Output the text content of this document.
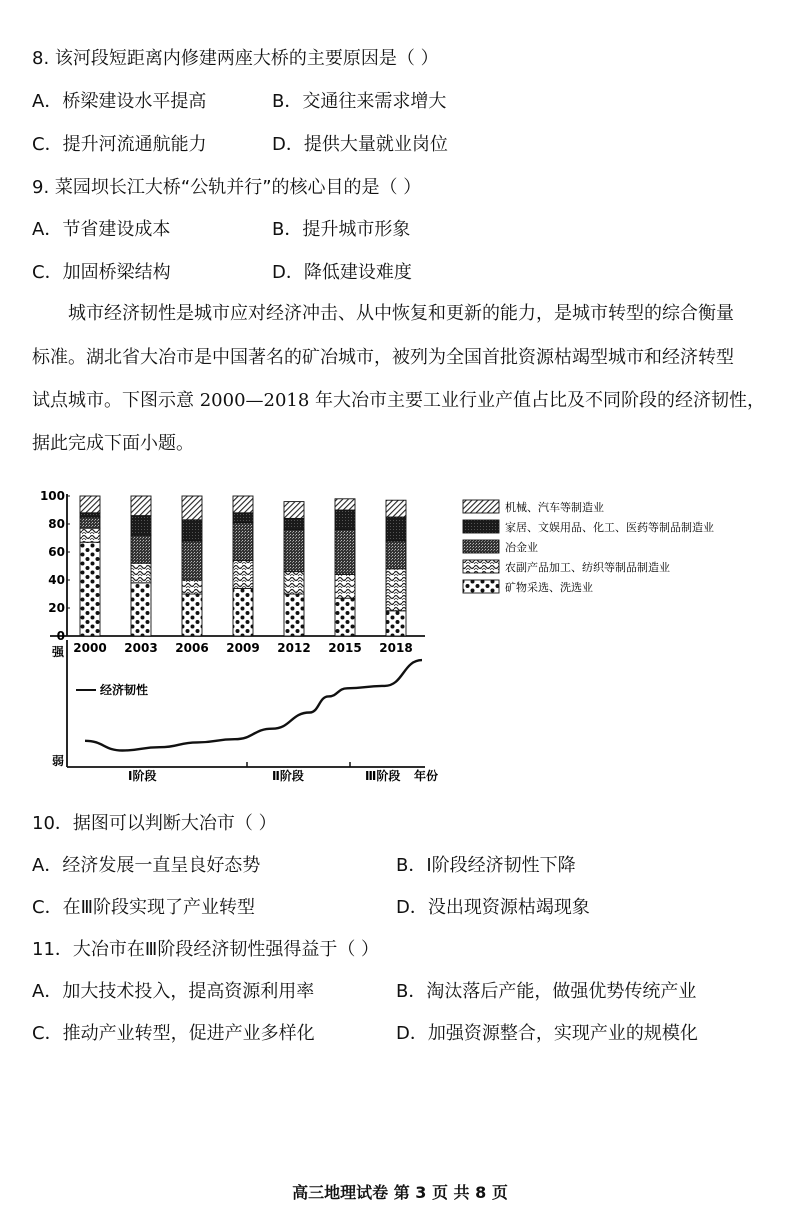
8. 该河段短距离内修建两座大桥的主要原因是（ ）
A．桥梁建设水平提高	B．交通往来需求增大
C．提升河流通航能力	D．提供大量就业岗位
9. 菜园坝长江大桥“公轨并行”的核心目的是（ ）
A．节省建设成本	B．提升城市形象
C．加固桥梁结构	D．降低建设难度
城市经济韧性是城市应对经济冲击、从中恢复和更新的能力，是城市转型的综合衡量
标准。湖北省大冶市是中国著名的矿冶城市，被列为全国首批资源枯竭型城市和经济转型
试点城市。下图示意 2000—2018 年大冶市主要工业行业产值占比及不同阶段的经济韧性，
据此完成下面小题。
0
20
40
60
80
100
2000 2003 2006 2009 2012 2015 2018
机械、汽车等制造业
家居、文娱用品、化工、医药等制品制造业
冶金业
农副产品加工、纺织等制品制造业
矿物采选、洗选业
强
弱
经济韧性
Ⅰ阶段	Ⅱ阶段	Ⅲ阶段 年份
10．据图可以判断大冶市（ ）
A．经济发展一直呈良好态势	B．Ⅰ阶段经济韧性下降
C．在Ⅲ阶段实现了产业转型	D．没出现资源枯竭现象
11．大冶市在Ⅲ阶段经济韧性强得益于（ ）
A．加大技术投入，提高资源利用率	B．淘汰落后产能，做强优势传统产业
C．推动产业转型，促进产业多样化	D．加强资源整合，实现产业的规模化
高三地理试卷 第 3 页 共 8 页
